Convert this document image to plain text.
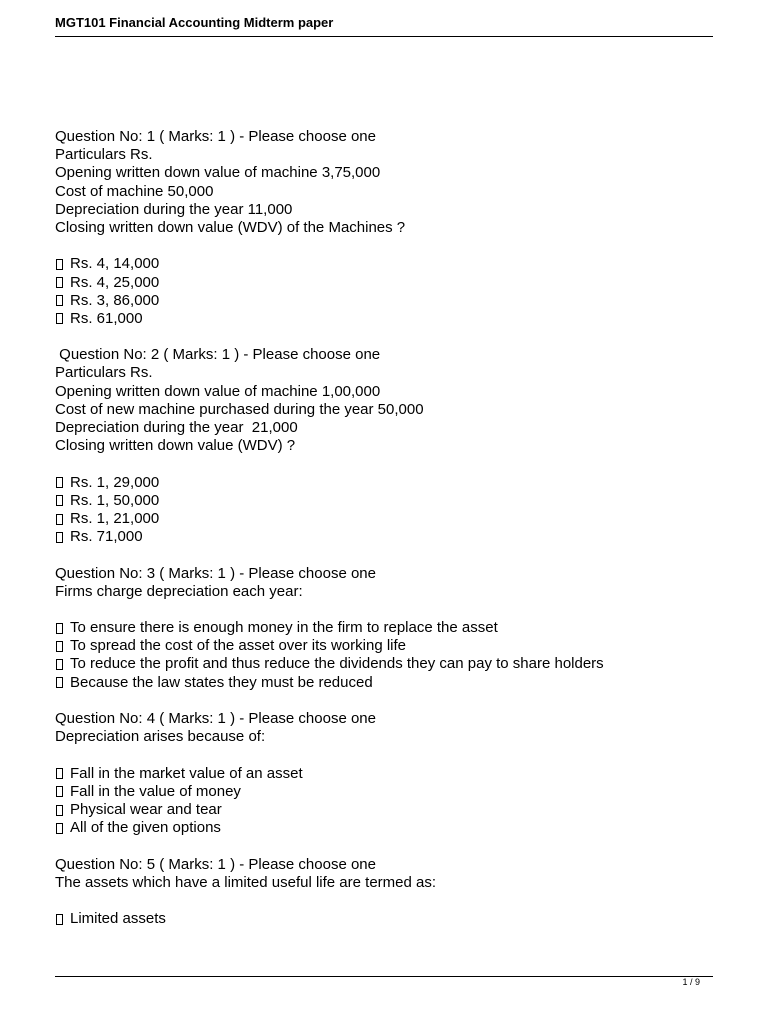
MGT101 Financial Accounting Midterm paper
Question No: 1 ( Marks: 1 ) - Please choose one
Particulars Rs.
Opening written down value of machine 3,75,000
Cost of machine 50,000
Depreciation during the year 11,000
Closing written down value (WDV) of the Machines ?
Rs. 4, 14,000
Rs. 4, 25,000
Rs. 3, 86,000
Rs. 61,000
Question No: 2 ( Marks: 1 ) - Please choose one
Particulars Rs.
Opening written down value of machine 1,00,000
Cost of new machine purchased during the year 50,000
Depreciation during the year  21,000
Closing written down value (WDV) ?
Rs. 1, 29,000
Rs. 1, 50,000
Rs. 1, 21,000
Rs. 71,000
Question No: 3 ( Marks: 1 ) - Please choose one
Firms charge depreciation each year:
To ensure there is enough money in the firm to replace the asset
To spread the cost of the asset over its working life
To reduce the profit and thus reduce the dividends they can pay to share holders
Because the law states they must be reduced
Question No: 4 ( Marks: 1 ) - Please choose one
Depreciation arises because of:
Fall in the market value of an asset
Fall in the value of money
Physical wear and tear
All of the given options
Question No: 5 ( Marks: 1 ) - Please choose one
The assets which have a limited useful life are termed as:
Limited assets
1 / 9
